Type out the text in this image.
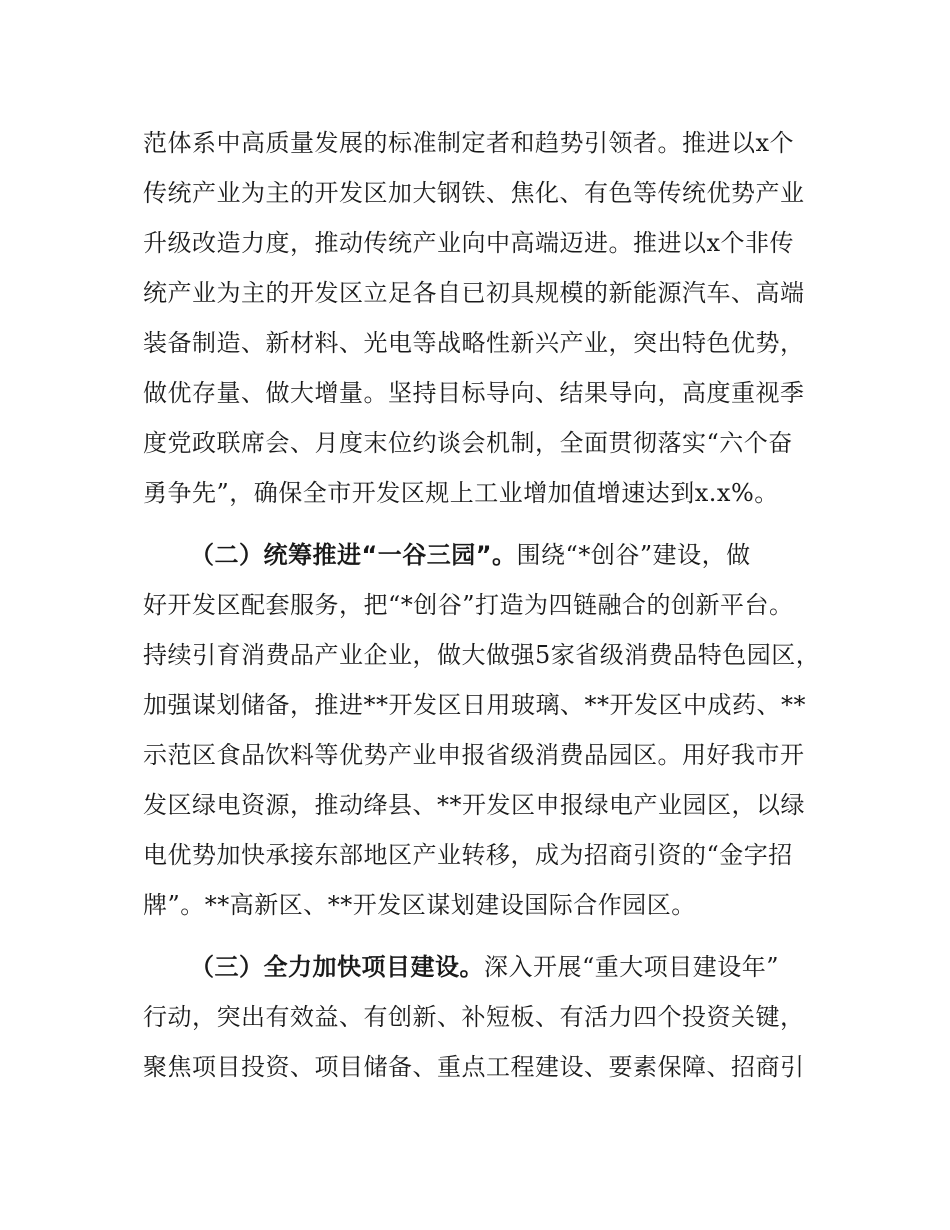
范体系中高质量发展的标准制定者和趋势引领者。推进以x个
传统产业为主的开发区加大钢铁、焦化、有色等传统优势产业
升级改造力度，推动传统产业向中高端迈进。推进以x个非传
统产业为主的开发区立足各自已初具规模的新能源汽车、高端
装备制造、新材料、光电等战略性新兴产业，突出特色优势，
做优存量、做大增量。坚持目标导向、结果导向，高度重视季
度党政联席会、月度末位约谈会机制，全面贯彻落实“六个奋
勇争先”，确保全市开发区规上工业增加值增速达到x.x%。
（二）统筹推进“一谷三园”。围绕“*创谷”建设，做
好开发区配套服务，把“*创谷”打造为四链融合的创新平台。
持续引育消费品产业企业，做大做强5家省级消费品特色园区，
加强谋划储备，推进**开发区日用玻璃、**开发区中成药、**
示范区食品饮料等优势产业申报省级消费品园区。用好我市开
发区绿电资源，推动绛县、**开发区申报绿电产业园区，以绿
电优势加快承接东部地区产业转移，成为招商引资的“金字招
牌”。**高新区、**开发区谋划建设国际合作园区。
（三）全力加快项目建设。深入开展“重大项目建设年”
行动，突出有效益、有创新、补短板、有活力四个投资关键，
聚焦项目投资、项目储备、重点工程建设、要素保障、招商引
